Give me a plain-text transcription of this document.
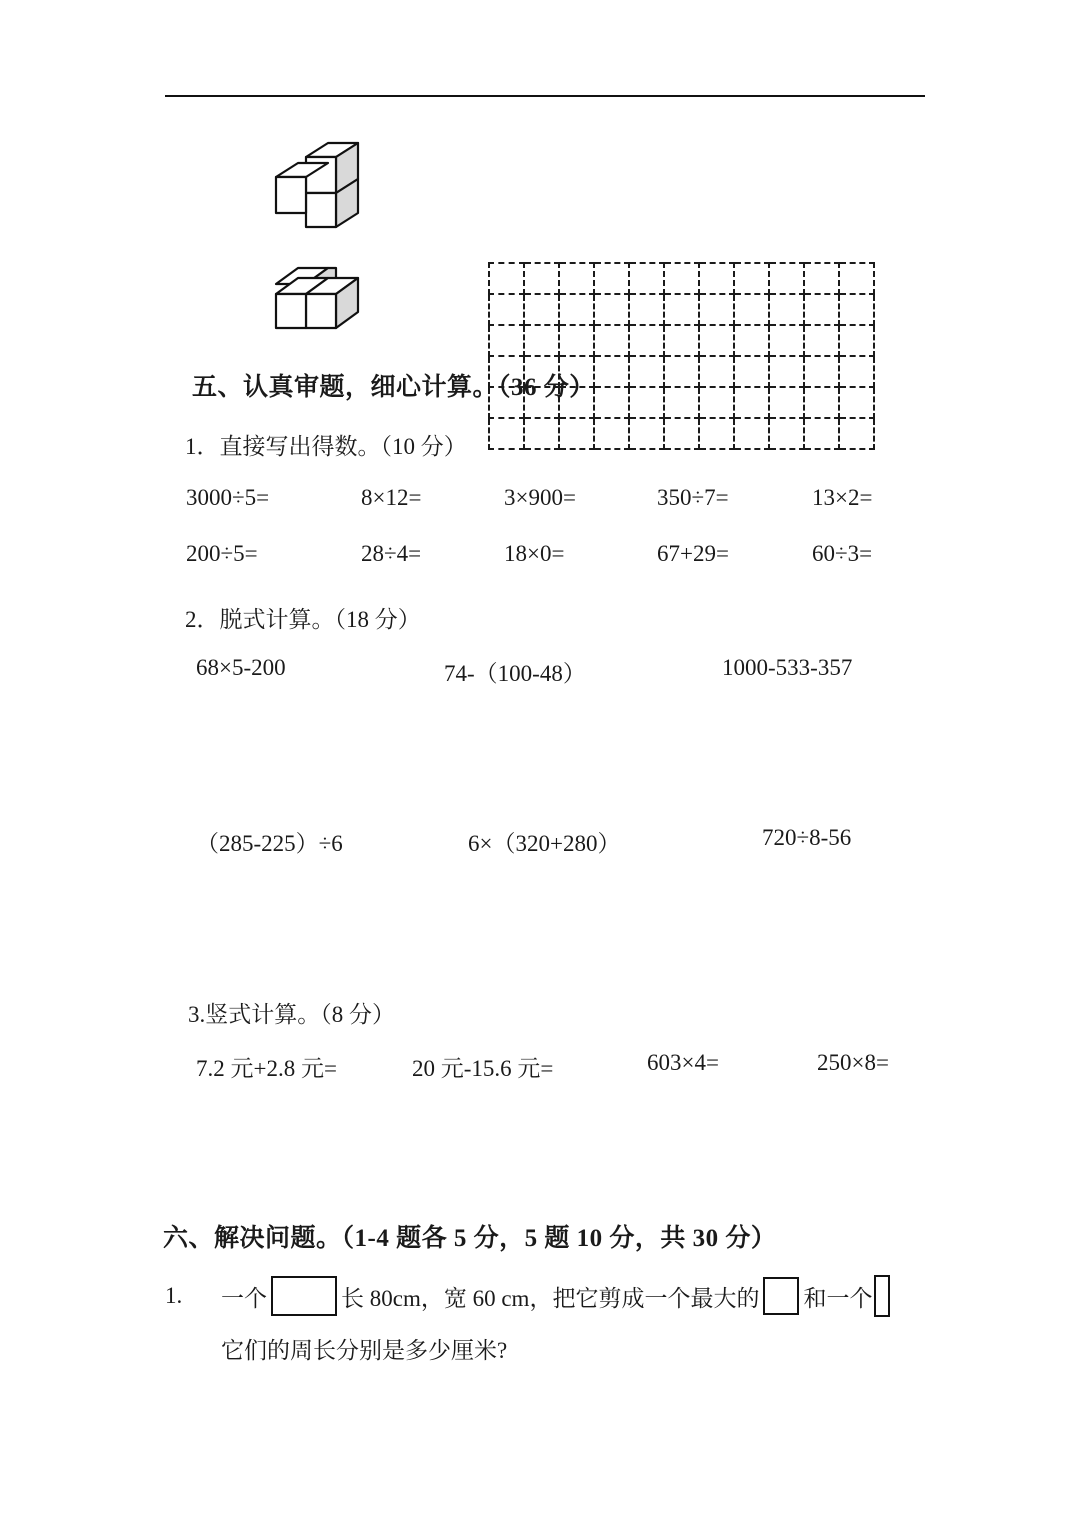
五、认真审题，细心计算。（36 分）
1．直接写出得数。（10 分）
3000÷5=	8×12=	3×900=	350÷7=	13×2=
200÷5=	28÷4=	18×0=	67+29=	60÷3=
2．脱式计算。（18 分）
68×5-200	74-（100-48）	1000-533-357
（285-225）÷6	6×（320+280）	720÷8-56
3.竖式计算。（8 分）
7.2 元+2.8 元=	20 元-15.6 元=	603×4=	250×8=
六、解决问题。（1-4 题各 5 分，5 题 10 分，共 30 分）
1.	一个	长 80cm，宽 60 cm，把它剪成一个最大的 和一个
它们的周长分别是多少厘米?
